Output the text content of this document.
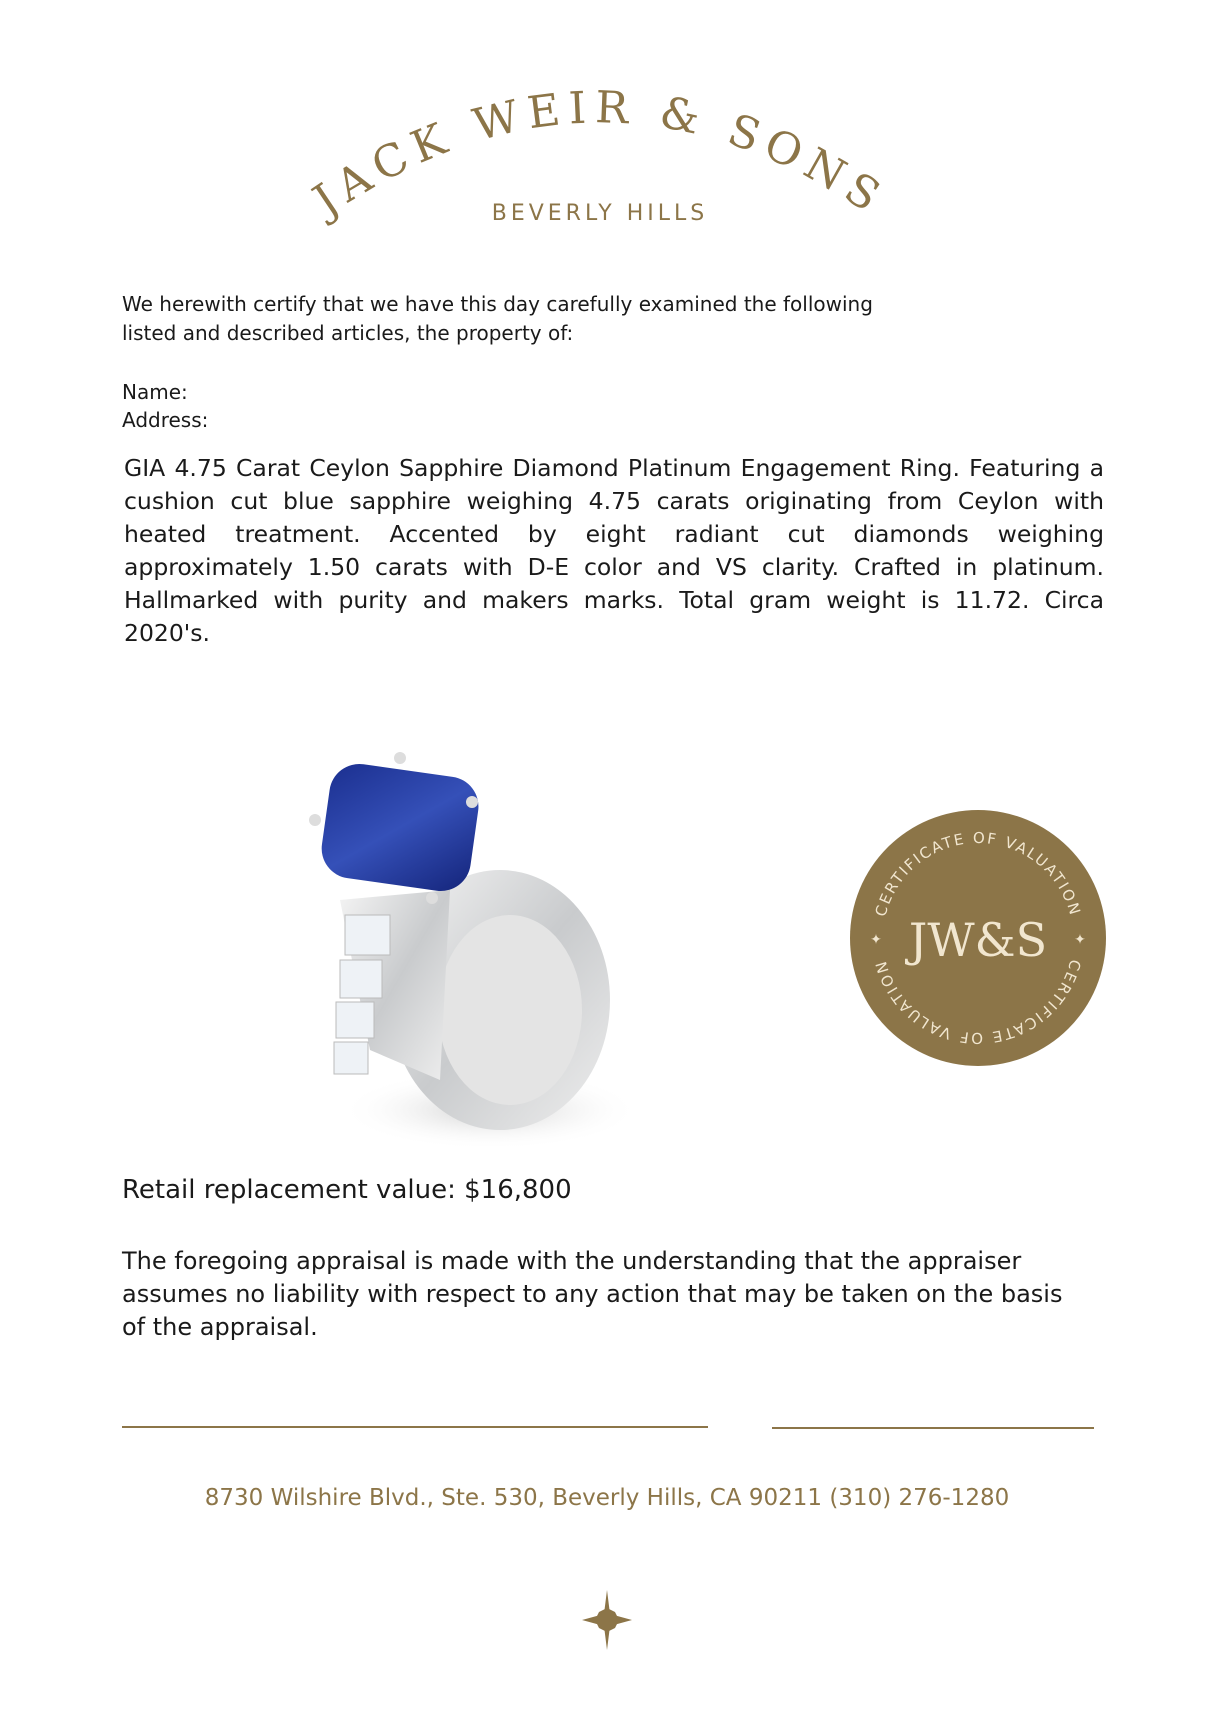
JACK WEIR & SONS
BEVERLY HILLS
We herewith certify that we have this day carefully examined the following listed and described articles, the property of:
Name:
Address:
GIA 4.75 Carat Ceylon Sapphire Diamond Platinum Engagement Ring. Featuring a cushion cut blue sapphire weighing 4.75 carats originating from Ceylon with heated treatment. Accented by eight radiant cut diamonds weighing approximately 1.50 carats with D-E color and VS clarity. Crafted in platinum. Hallmarked with purity and makers marks. Total gram weight is 11.72. Circa 2020's.
CERTIFICATE OF VALUATION
CERTIFICATE OF VALUATION JW&S
✦	✦
Retail replacement value: $16,800
The foregoing appraisal is made with the understanding that the appraiser assumes no liability with respect to any action that may be taken on the basis of the appraisal.
8730 Wilshire Blvd., Ste. 530, Beverly Hills, CA 90211 (310) 276-1280
